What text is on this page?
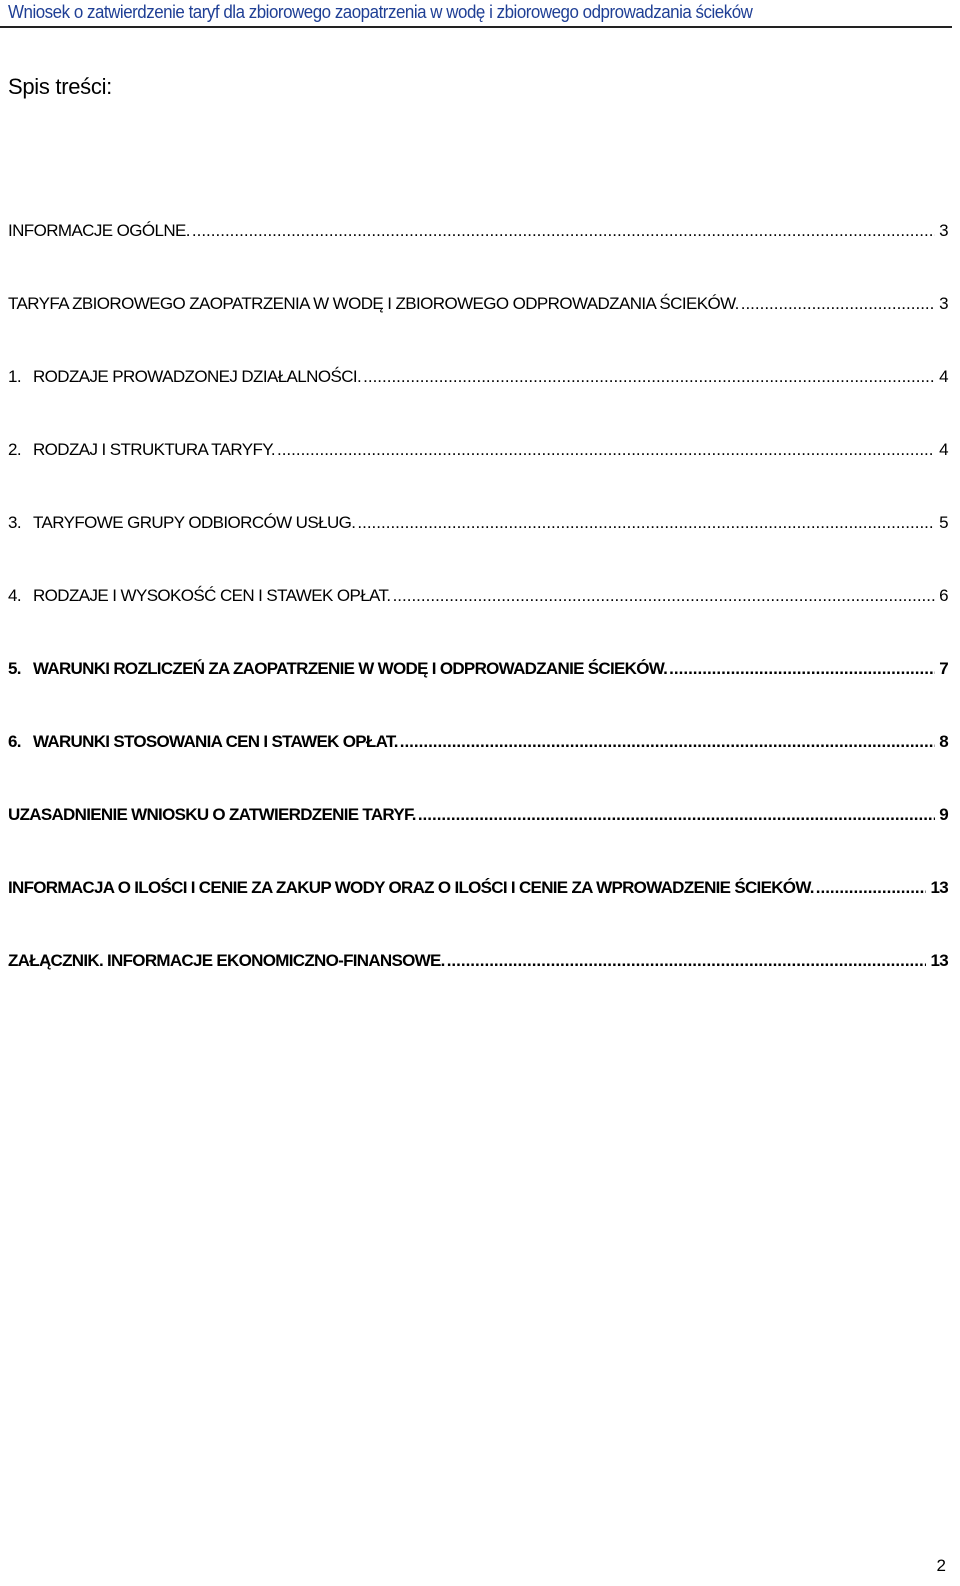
Wniosek o zatwierdzenie taryf dla zbiorowego zaopatrzenia w wodę i zbiorowego odprowadzania ścieków
Spis treści:
INFORMACJE OGÓLNE. .....	3
TARYFA ZBIOROWEGO ZAOPATRZENIA W WODĘ I ZBIOROWEGO ODPROWADZANIA ŚCIEKÓW. .....	3
1. RODZAJE PROWADZONEJ DZIAŁALNOŚCI. .....	4
2. RODZAJ I STRUKTURA TARYFY. .....	4
3. TARYFOWE GRUPY ODBIORCÓW USŁUG. .....	5
4. RODZAJE I WYSOKOŚĆ CEN I STAWEK OPŁAT. .....	6
5. WARUNKI ROZLICZEŃ ZA ZAOPATRZENIE W WODĘ I ODPROWADZANIE ŚCIEKÓW. .....	7
6. WARUNKI STOSOWANIA CEN I STAWEK OPŁAT. .....	8
UZASADNIENIE WNIOSKU O ZATWIERDZENIE TARYF. .....	9
INFORMACJA O ILOŚCI I CENIE ZA ZAKUP WODY ORAZ O ILOŚCI I CENIE ZA WPROWADZENIE ŚCIEKÓW. .....	13
ZAŁĄCZNIK. INFORMACJE EKONOMICZNO-FINANSOWE. .....	13
2
